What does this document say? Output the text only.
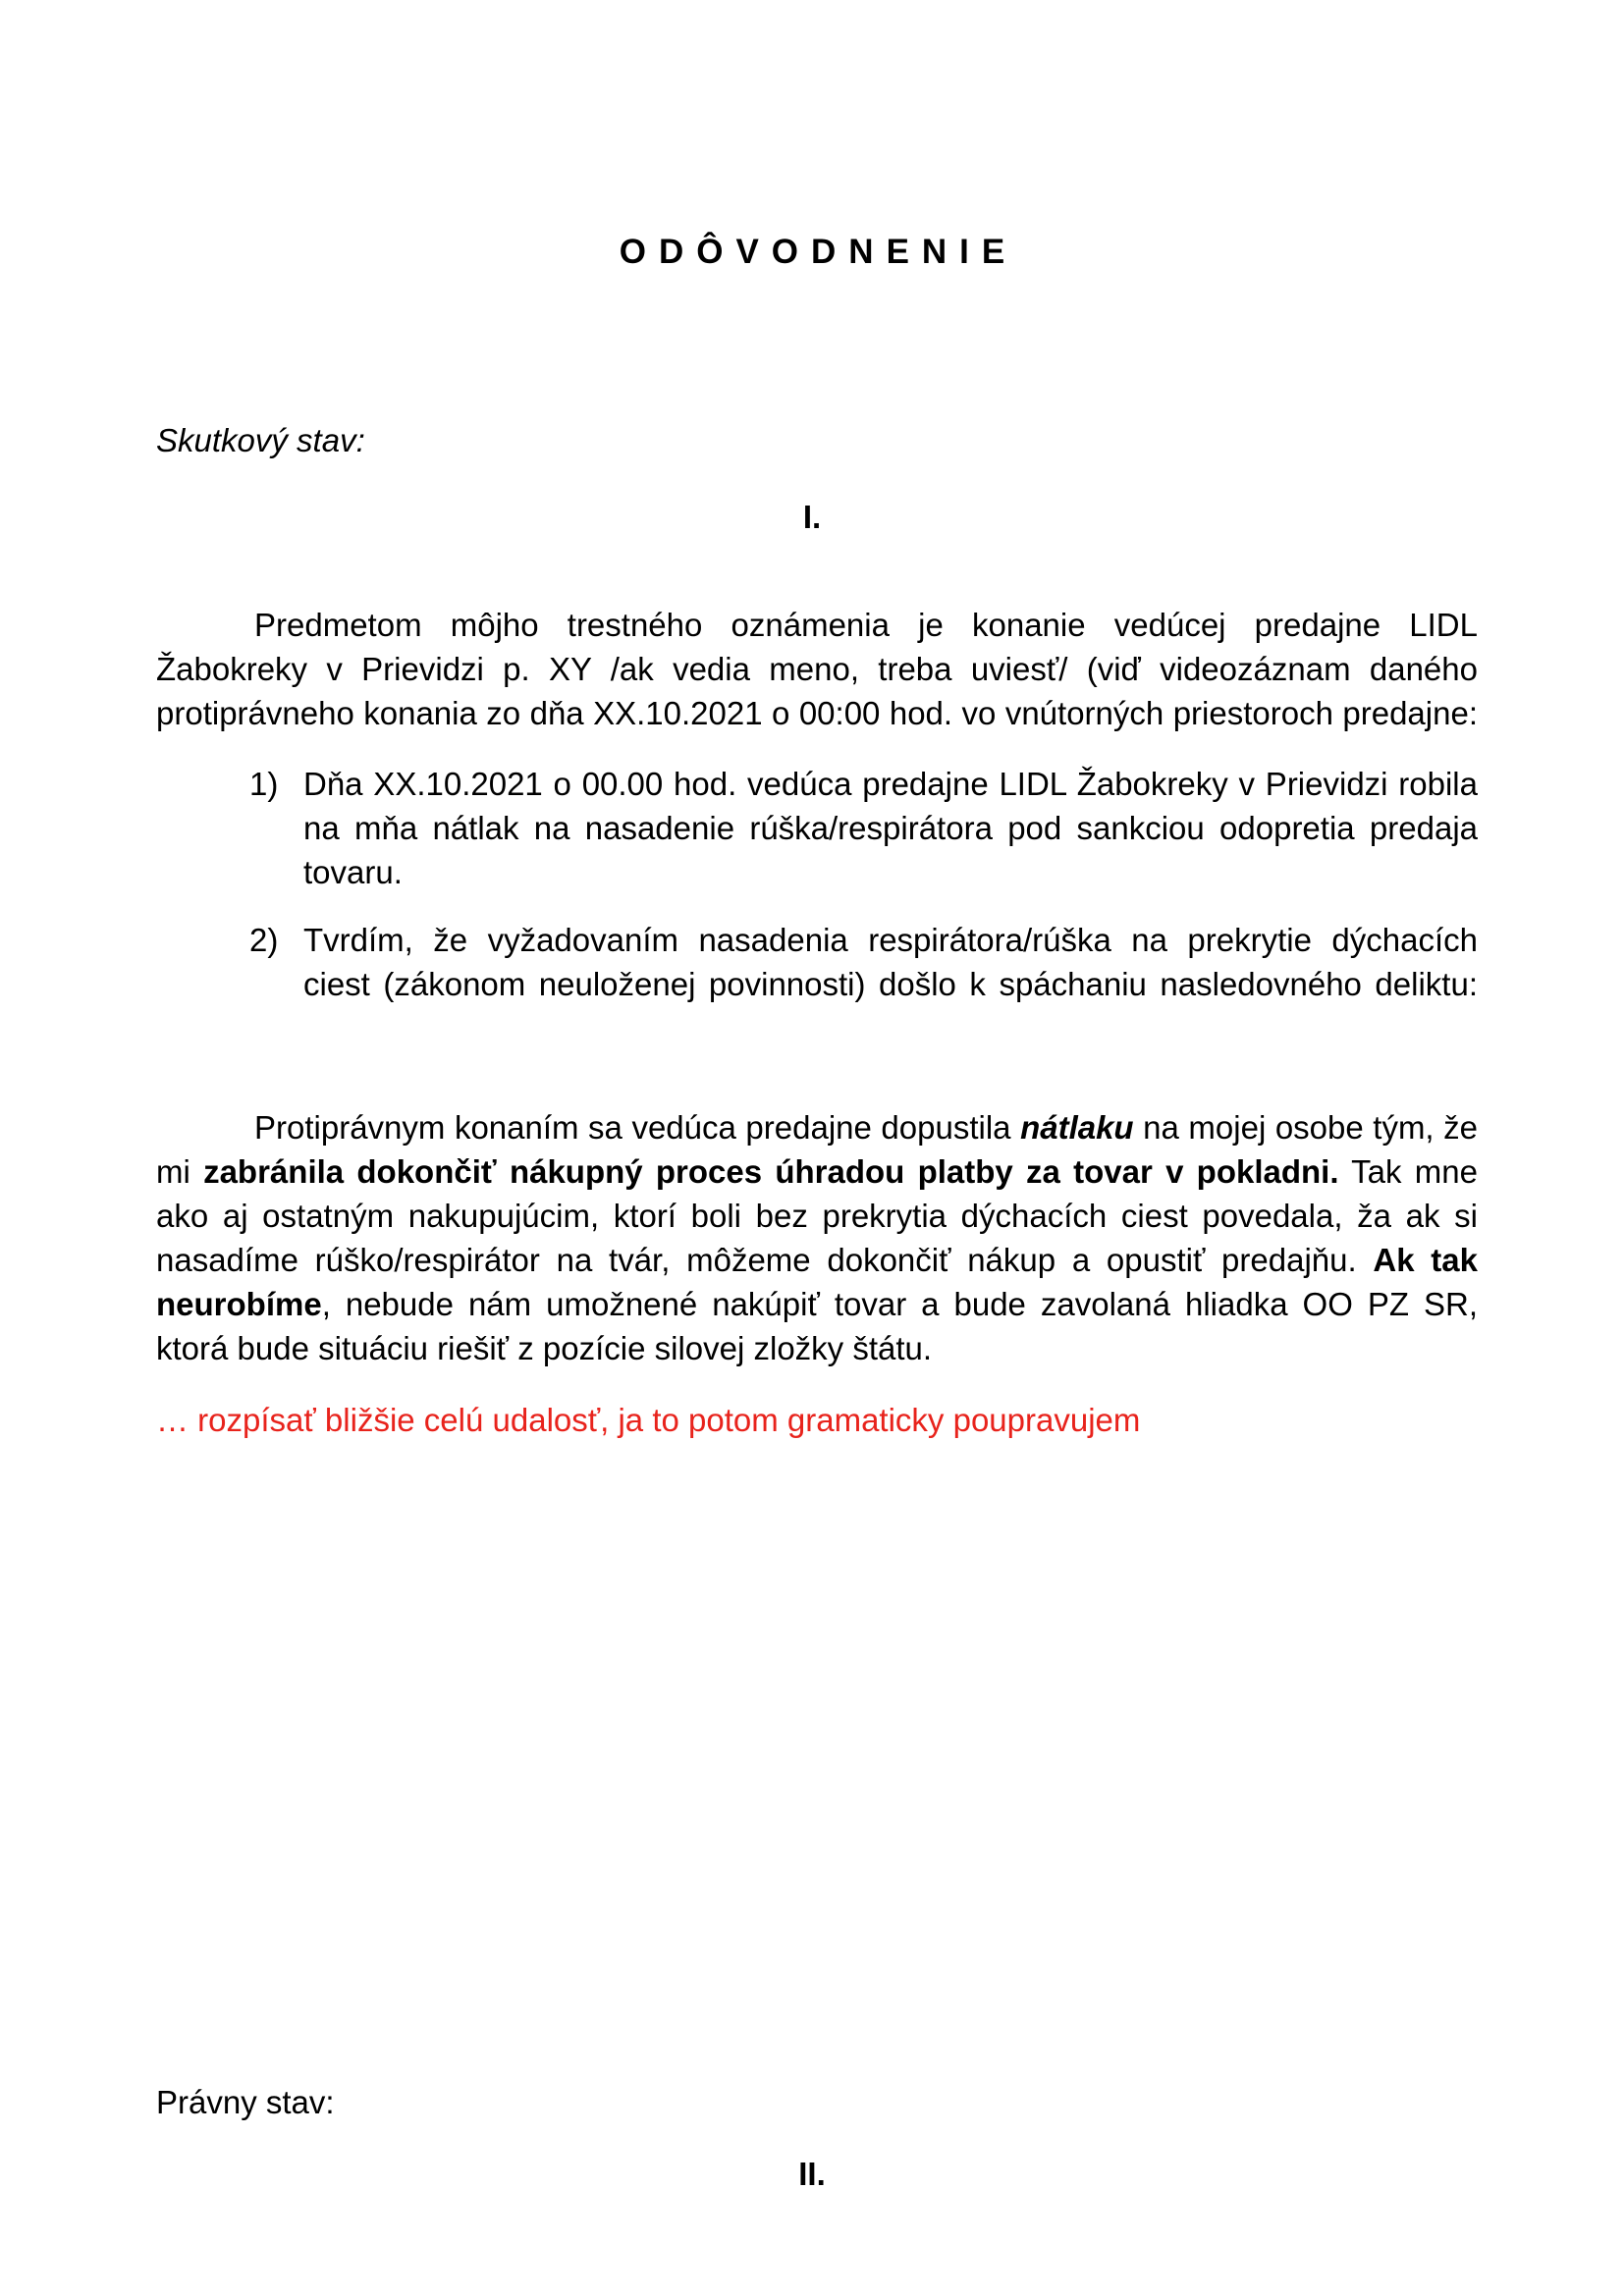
ODÔVODNENIE
Skutkový stav:
I.
Predmetom môjho trestného oznámenia je konanie vedúcej predajne LIDL
Žabokreky v Prievidzi p. XY /ak vedia meno, treba uviesť/ (viď videozáznam daného
protiprávneho konania zo dňa XX.10.2021 o 00:00 hod. vo vnútorných priestoroch predajne:
1) Dňa XX.10.2021 o 00.00 hod. vedúca predajne LIDL Žabokreky v Prievidzi robila
na mňa nátlak na nasadenie rúška/respirátora pod sankciou odopretia predaja
tovaru.
2) Tvrdím, že vyžadovaním nasadenia respirátora/rúška na prekrytie dýchacích
ciest (zákonom neuloženej povinnosti) došlo k spáchaniu nasledovného deliktu:
Protiprávnym konaním sa vedúca predajne dopustila nátlaku na mojej osobe tým, že
mi zabránila dokončiť nákupný proces úhradou platby za tovar v pokladni. Tak mne
ako aj ostatným nakupujúcim, ktorí boli bez prekrytia dýchacích ciest povedala, ža ak si
nasadíme rúško/respirátor na tvár, môžeme dokončiť nákup a opustiť predajňu. Ak tak
neurobíme, nebude nám umožnené nakúpiť tovar a bude zavolaná hliadka OO PZ SR,
ktorá bude situáciu riešiť z pozície silovej zložky štátu.
… rozpísať bližšie celú udalosť, ja to potom gramaticky poupravujem
Právny stav:
II.
